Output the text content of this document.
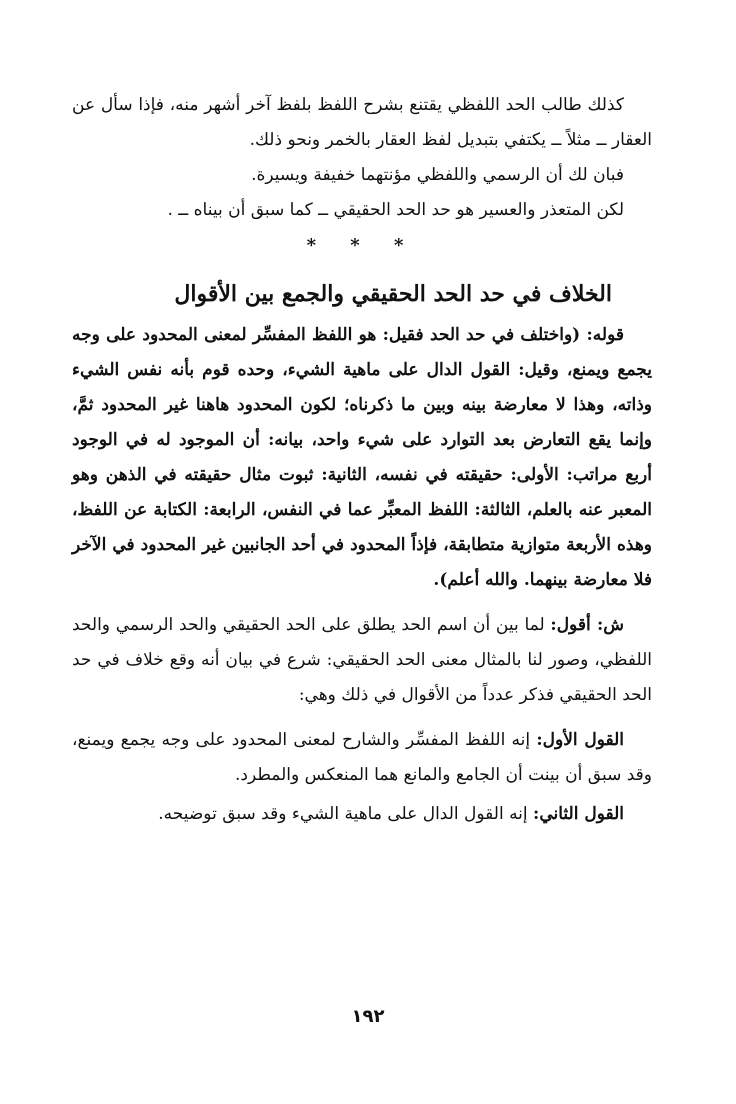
كذلك طالب الحد اللفظي يقتنع بشرح اللفظ بلفظ آخر أشهر منه، فإذا سأل عن العقار ــ مثلاً ــ يكتفي بتبديل لفظ العقار بالخمر ونحو ذلك.

فبان لك أن الرسمي واللفظي مؤنتهما خفيفة ويسيرة.

لكن المتعذر والعسير هو حد الحد الحقيقي ــ كما سبق أن بيناه ــ .

* * *
الخلاف في حد الحد الحقيقي والجمع بين الأقوال

قوله: (واختلف في حد الحد فقيل: هو اللفظ المفسِّر لمعنى المحدود على وجه يجمع ويمنع، وقيل: القول الدال على ماهية الشيء، وحده قوم بأنه نفس الشيء وذاته، وهذا لا معارضة بينه وبين ما ذكرناه؛ لكون المحدود هاهنا غير المحدود ثمَّ، وإنما يقع التعارض بعد التوارد على شيء واحد، بيانه: أن الموجود له في الوجود أربع مراتب: الأولى: حقيقته في نفسه، الثانية: ثبوت مثال حقيقته في الذهن وهو المعبر عنه بالعلم، الثالثة: اللفظ المعبِّر عما في النفس، الرابعة: الكتابة عن اللفظ، وهذه الأربعة متوازية متطابقة، فإذاً المحدود في أحد الجانبين غير المحدود في الآخر فلا معارضة بينهما. والله أعلم).

ش: أقول: لما بين أن اسم الحد يطلق على الحد الحقيقي والحد الرسمي والحد اللفظي، وصور لنا بالمثال معنى الحد الحقيقي: شرع في بيان أنه وقع خلاف في حد الحد الحقيقي فذكر عدداً من الأقوال في ذلك وهي:

القول الأول: إنه اللفظ المفسِّر والشارح لمعنى المحدود على وجه يجمع ويمنع، وقد سبق أن بينت أن الجامع والمانع هما المنعكس والمطرد.

القول الثاني: إنه القول الدال على ماهية الشيء وقد سبق توضيحه.

١٩٢
